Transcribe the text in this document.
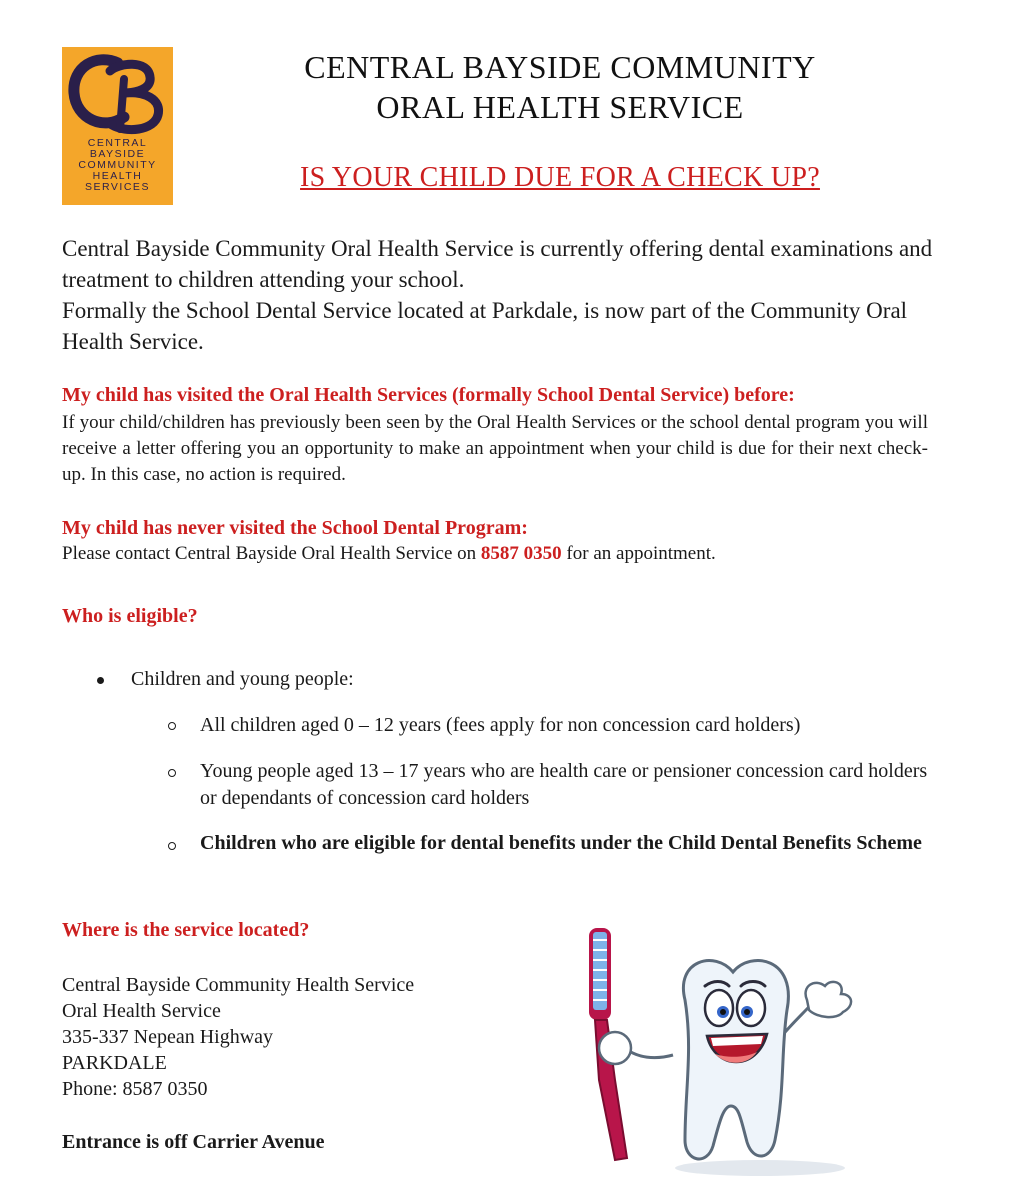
CENTRAL
BAYSIDE
COMMUNITY
HEALTH
SERVICES
CENTRAL BAYSIDE COMMUNITY
ORAL HEALTH SERVICE
IS YOUR CHILD DUE FOR A CHECK UP?

Central Bayside Community Oral Health Service is currently offering dental examinations and treatment to children attending your school.

Formally the School Dental Service located at Parkdale, is now part of the Community Oral Health Service.

My child has visited the Oral Health Services (formally School Dental Service) before:
If your child/children has previously been seen by the Oral Health Services or the school dental program you will receive a letter offering you an opportunity to make an appointment when your child is due for their next check-up. In this case, no action is required.
My child has never visited the School Dental Program:
Please contact Central Bayside Oral Health Service on 8587 0350 for an appointment.
Who is eligible?
Children and young people:
All children aged 0 – 12 years (fees apply for non concession card holders)
Young people aged 13 – 17 years who are health care or pensioner concession card holders or dependants of concession card holders
Children who are eligible for dental benefits under the Child Dental Benefits Scheme
Where is the service located?
Central Bayside Community Health Service
Oral Health Service
335-337 Nepean Highway
PARKDALE
Phone: 8587 0350
Entrance is off Carrier Avenue
